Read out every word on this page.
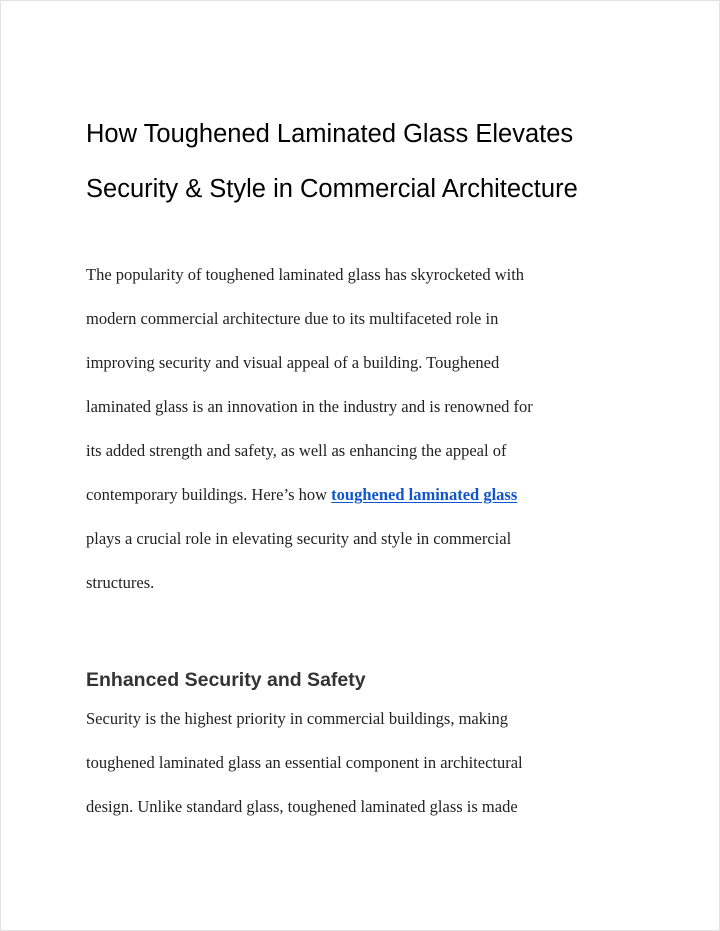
How Toughened Laminated Glass Elevates
Security & Style in Commercial Architecture

The popularity of toughened laminated glass has skyrocketed with
modern commercial architecture due to its multifaceted role in
improving security and visual appeal of a building. Toughened
laminated glass is an innovation in the industry and is renowned for
its added strength and safety, as well as enhancing the appeal of
contemporary buildings. Here’s how toughened laminated glass
plays a crucial role in elevating security and style in commercial
structures.

Enhanced Security and Safety

Security is the highest priority in commercial buildings, making
toughened laminated glass an essential component in architectural
design. Unlike standard glass, toughened laminated glass is made
